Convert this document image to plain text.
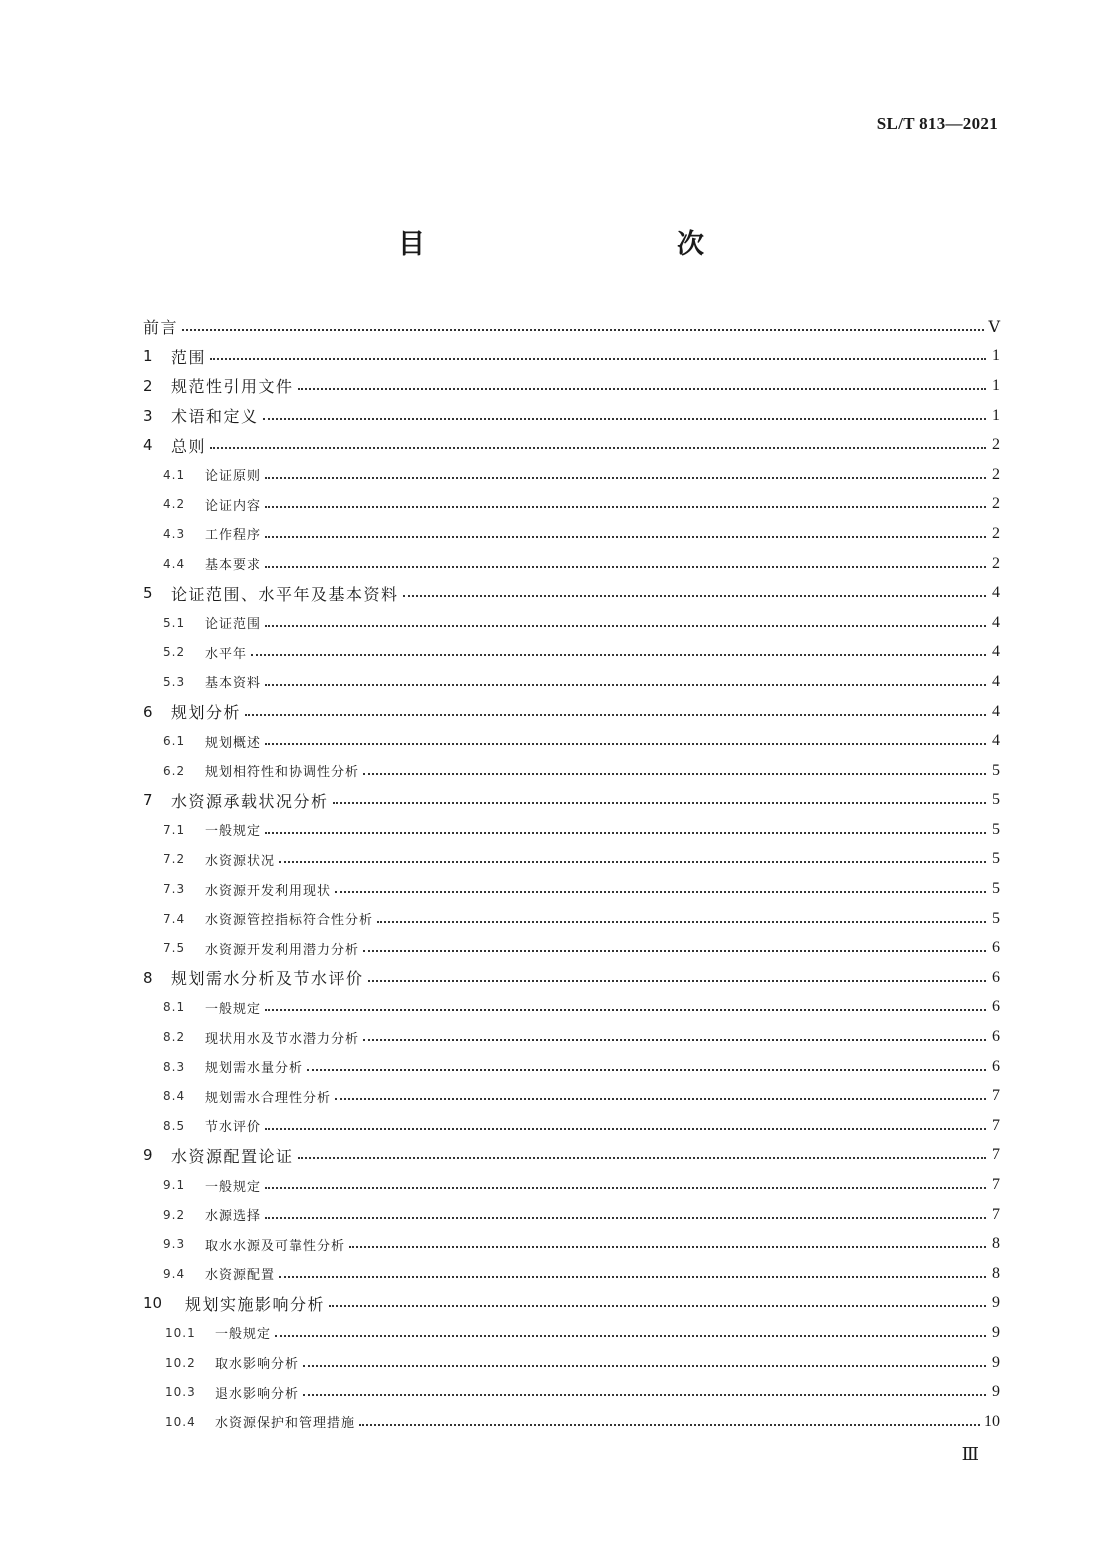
SL/T 813—2021
目　　次
前言	Ⅴ
1	范围	1
2	规范性引用文件	1
3	术语和定义	1
4	总则	2
4.1	论证原则	2
4.2	论证内容	2
4.3	工作程序	2
4.4	基本要求	2
5	论证范围、水平年及基本资料	4
5.1	论证范围	4
5.2	水平年	4
5.3	基本资料	4
6	规划分析	4
6.1	规划概述	4
6.2	规划相符性和协调性分析	5
7	水资源承载状况分析	5
7.1	一般规定	5
7.2	水资源状况	5
7.3	水资源开发利用现状	5
7.4	水资源管控指标符合性分析	5
7.5	水资源开发利用潜力分析	6
8	规划需水分析及节水评价	6
8.1	一般规定	6
8.2	现状用水及节水潜力分析	6
8.3	规划需水量分析	6
8.4	规划需水合理性分析	7
8.5	节水评价	7
9	水资源配置论证	7
9.1	一般规定	7
9.2	水源选择	7
9.3	取水水源及可靠性分析	8
9.4	水资源配置	8
10	规划实施影响分析	9
10.1	一般规定	9
10.2	取水影响分析	9
10.3	退水影响分析	9
10.4	水资源保护和管理措施	10
Ⅲ
